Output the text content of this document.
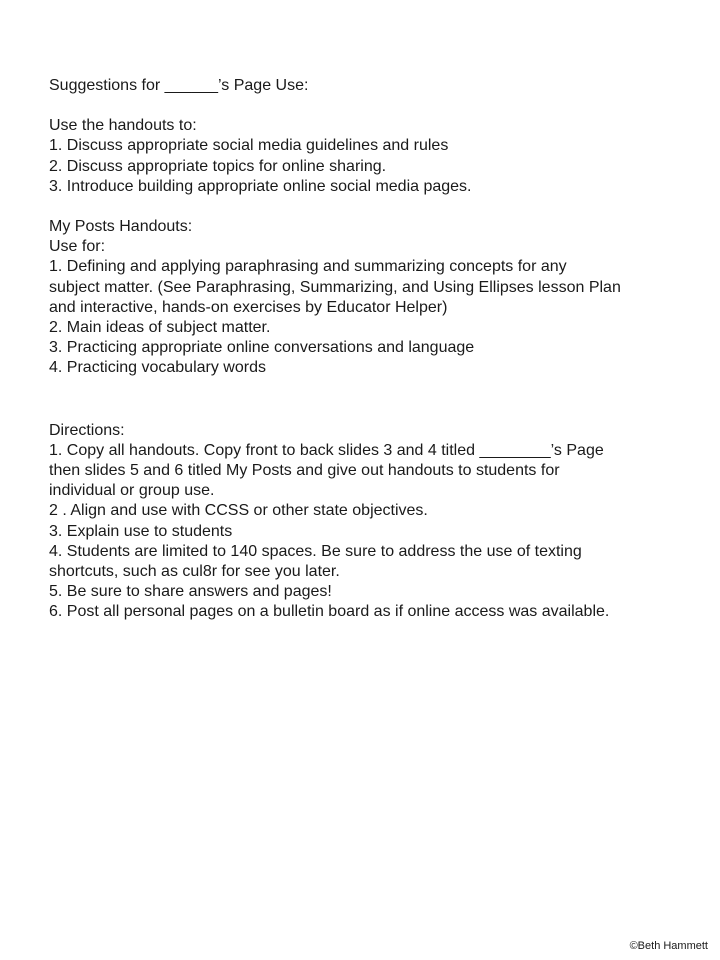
Suggestions for ______’s Page Use:
Use the handouts to:
1. Discuss appropriate social media guidelines and rules
2. Discuss appropriate topics for online sharing.
3. Introduce building appropriate online social media pages.
My Posts Handouts:
Use for:
1. Defining and applying paraphrasing and summarizing concepts for any
subject matter. (See Paraphrasing, Summarizing, and Using Ellipses lesson Plan
and interactive, hands-on exercises by Educator Helper)
2. Main ideas of subject matter.
3. Practicing appropriate online conversations and language
4. Practicing vocabulary words
Directions:
1. Copy all handouts. Copy front to back slides 3 and 4 titled ________’s Page
then slides 5 and 6 titled My Posts and give out handouts to students for
individual or group use.
2 . Align and use with CCSS or other state objectives.
3. Explain use to students
4. Students are limited to 140 spaces. Be sure to address the use of texting
shortcuts, such as cul8r for see you later.
5. Be sure to share answers and pages!
6. Post all personal pages on a bulletin board as if online access was available.
©Beth Hammett
